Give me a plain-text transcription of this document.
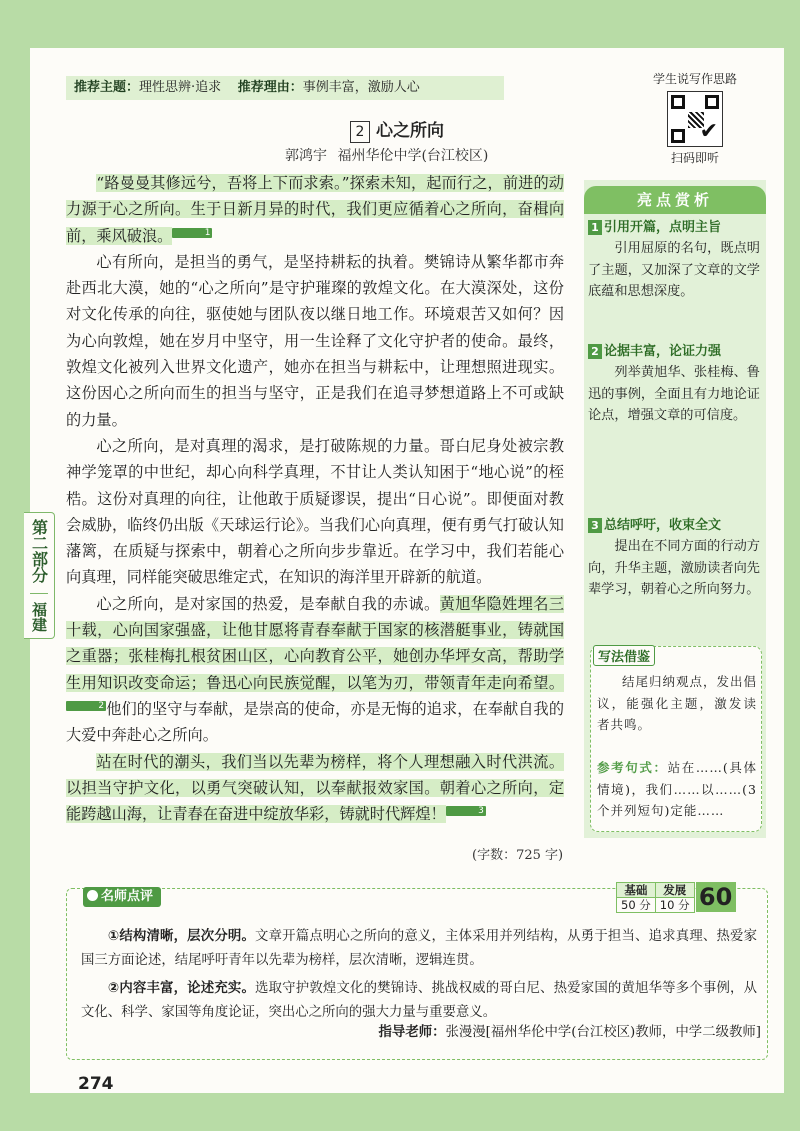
第二部分
福建
推荐主题：理性思辨·追求 推荐理由：事例丰富，激励人心
学生说写作思路
✔
扫码即听
2 心之所向
郭鸿宇 福州华伦中学(台江校区)

“路曼曼其修远兮，吾将上下而求索。”探索未知，起而行之，前进的动力源于心之所向。生于日新月异的时代，我们更应循着心之所向，奋楫向前，乘风破浪。	1

心有所向，是担当的勇气，是坚持耕耘的执着。樊锦诗从繁华都市奔赴西北大漠，她的“心之所向”是守护璀璨的敦煌文化。在大漠深处，这份对文化传承的向往，驱使她与团队夜以继日地工作。环境艰苦又如何？因为心向敦煌，她在岁月中坚守，用一生诠释了文化守护者的使命。最终，敦煌文化被列入世界文化遗产，她亦在担当与耕耘中，让理想照进现实。这份因心之所向而生的担当与坚守，正是我们在追寻梦想道路上不可或缺的力量。

心之所向，是对真理的渴求，是打破陈规的力量。哥白尼身处被宗教神学笼罩的中世纪，却心向科学真理，不甘让人类认知困于“地心说”的桎梏。这份对真理的向往，让他敢于质疑谬误，提出“日心说”。即便面对教会威胁，临终仍出版《天球运行论》。当我们心向真理，便有勇气打破认知藩篱，在质疑与探索中，朝着心之所向步步靠近。在学习中，我们若能心向真理，同样能突破思维定式，在知识的海洋里开辟新的航道。

心之所向，是对家国的热爱，是奉献自我的赤诚。黄旭华隐姓埋名三十载，心向国家强盛，让他甘愿将青春奉献于国家的核潜艇事业，铸就国之重器；张桂梅扎根贫困山区，心向教育公平，她创办华坪女高，帮助学生用知识改变命运；鲁迅心向民族觉醒，以笔为刃，带领青年走向希望。2 他们的坚守与奉献，是崇高的使命，亦是无悔的追求，在奉献自我的大爱中奔赴心之所向。

站在时代的潮头，我们当以先辈为榜样，将个人理想融入时代洪流。以担当守护文化，以勇气突破认知，以奉献报效家国。朝着心之所向，定能跨越山海，让青春在奋进中绽放华彩，铸就时代辉煌！	3

(字数：725 字)
亮点赏析
1 引用开篇，点明主旨
引用屈原的名句，既点明了主题，又加深了文章的文学底蕴和思想深度。
2 论据丰富，论证力强
列举黄旭华、张桂梅、鲁迅的事例，全面且有力地论证论点，增强文章的可信度。
3 总结呼吁，收束全文
提出在不同方面的行动方向，升华主题，激励读者向先辈学习，朝着心之所向努力。
写法借鉴
结尾归纳观点，发出倡议，能强化主题，激发读者共鸣。
参考句式：站在……(具体情境)，我们……以……(3个并列短句)定能……
名师点评

①结构清晰，层次分明。文章开篇点明心之所向的意义，主体采用并列结构，从勇于担当、追求真理、热爱家国三方面论述，结尾呼吁青年以先辈为榜样，层次清晰，逻辑连贯。

②内容丰富，论述充实。选取守护敦煌文化的樊锦诗、挑战权威的哥白尼、热爱家国的黄旭华等多个事例，从文化、科学、家国等角度论证，突出心之所向的强大力量与重要意义。

指导老师：张漫漫[福州华伦中学(台江校区)教师，中学二级教师]
基础	发展
50 分	10 分 60
274
